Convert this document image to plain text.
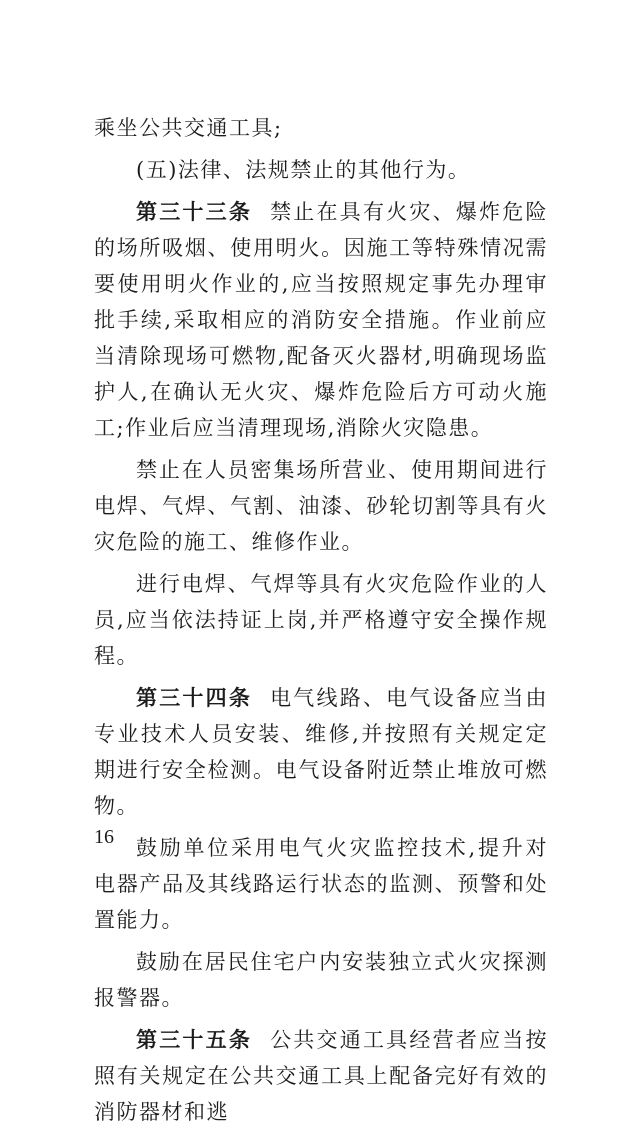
乘坐公共交通工具;

(五)法律、法规禁止的其他行为。

第三十三条 禁止在具有火灾、爆炸危险的场所吸烟、使用明火。因施工等特殊情况需要使用明火作业的,应当按照规定事先办理审批手续,采取相应的消防安全措施。作业前应当清除现场可燃物,配备灭火器材,明确现场监护人,在确认无火灾、爆炸危险后方可动火施工;作业后应当清理现场,消除火灾隐患。

禁止在人员密集场所营业、使用期间进行电焊、气焊、气割、油漆、砂轮切割等具有火灾危险的施工、维修作业。

进行电焊、气焊等具有火灾危险作业的人员,应当依法持证上岗,并严格遵守安全操作规程。

第三十四条 电气线路、电气设备应当由专业技术人员安装、维修,并按照有关规定定期进行安全检测。电气设备附近禁止堆放可燃物。

鼓励单位采用电气火灾监控技术,提升对电器产品及其线路运行状态的监测、预警和处置能力。

鼓励在居民住宅户内安装独立式火灾探测报警器。

第三十五条 公共交通工具经营者应当按照有关规定在公共交通工具上配备完好有效的消防器材和逃

16
